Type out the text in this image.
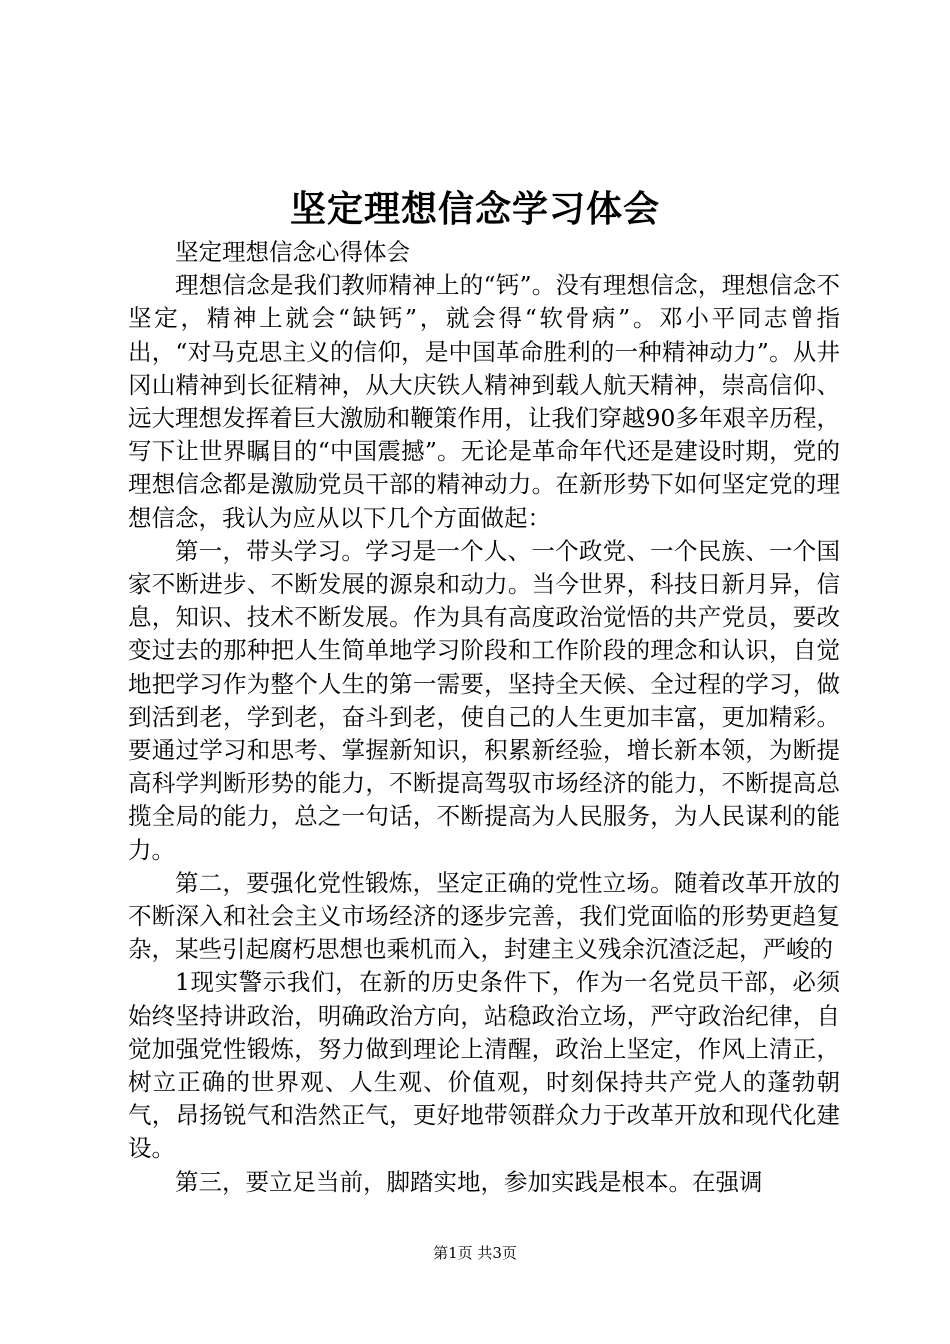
坚定理想信念学习体会

坚定理想信念心得体会

理想信念是我们教师精神上的“钙”。没有理想信念，理想信念不坚定，精神上就会“缺钙”，就会得“软骨病”。邓小平同志曾指出，“对马克思主义的信仰，是中国革命胜利的一种精神动力”。从井冈山精神到长征精神，从大庆铁人精神到载人航天精神，崇高信仰、远大理想发挥着巨大激励和鞭策作用，让我们穿越90多年艰辛历程，写下让世界瞩目的“中国震撼”。无论是革命年代还是建设时期，党的理想信念都是激励党员干部的精神动力。在新形势下如何坚定党的理想信念，我认为应从以下几个方面做起：

第一，带头学习。学习是一个人、一个政党、一个民族、一个国家不断进步、不断发展的源泉和动力。当今世界，科技日新月异，信息，知识、技术不断发展。作为具有高度政治觉悟的共产党员，要改变过去的那种把人生简单地学习阶段和工作阶段的理念和认识，自觉地把学习作为整个人生的第一需要，坚持全天候、全过程的学习，做到活到老，学到老，奋斗到老，使自己的人生更加丰富，更加精彩。要通过学习和思考、掌握新知识，积累新经验，增长新本领，为断提高科学判断形势的能力，不断提高驾驭市场经济的能力，不断提高总揽全局的能力，总之一句话，不断提高为人民服务，为人民谋利的能力。

第二，要强化党性锻炼，坚定正确的党性立场。随着改革开放的不断深入和社会主义市场经济的逐步完善，我们党面临的形势更趋复杂，某些引起腐朽思想也乘机而入，封建主义残余沉渣泛起，严峻的

1现实警示我们，在新的历史条件下，作为一名党员干部，必须始终坚持讲政治，明确政治方向，站稳政治立场，严守政治纪律，自觉加强党性锻炼，努力做到理论上清醒，政治上坚定，作风上清正，树立正确的世界观、人生观、价值观，时刻保持共产党人的蓬勃朝气，昂扬锐气和浩然正气，更好地带领群众力于改革开放和现代化建设。

第三，要立足当前，脚踏实地，参加实践是根本。在强调

第1页 共3页
